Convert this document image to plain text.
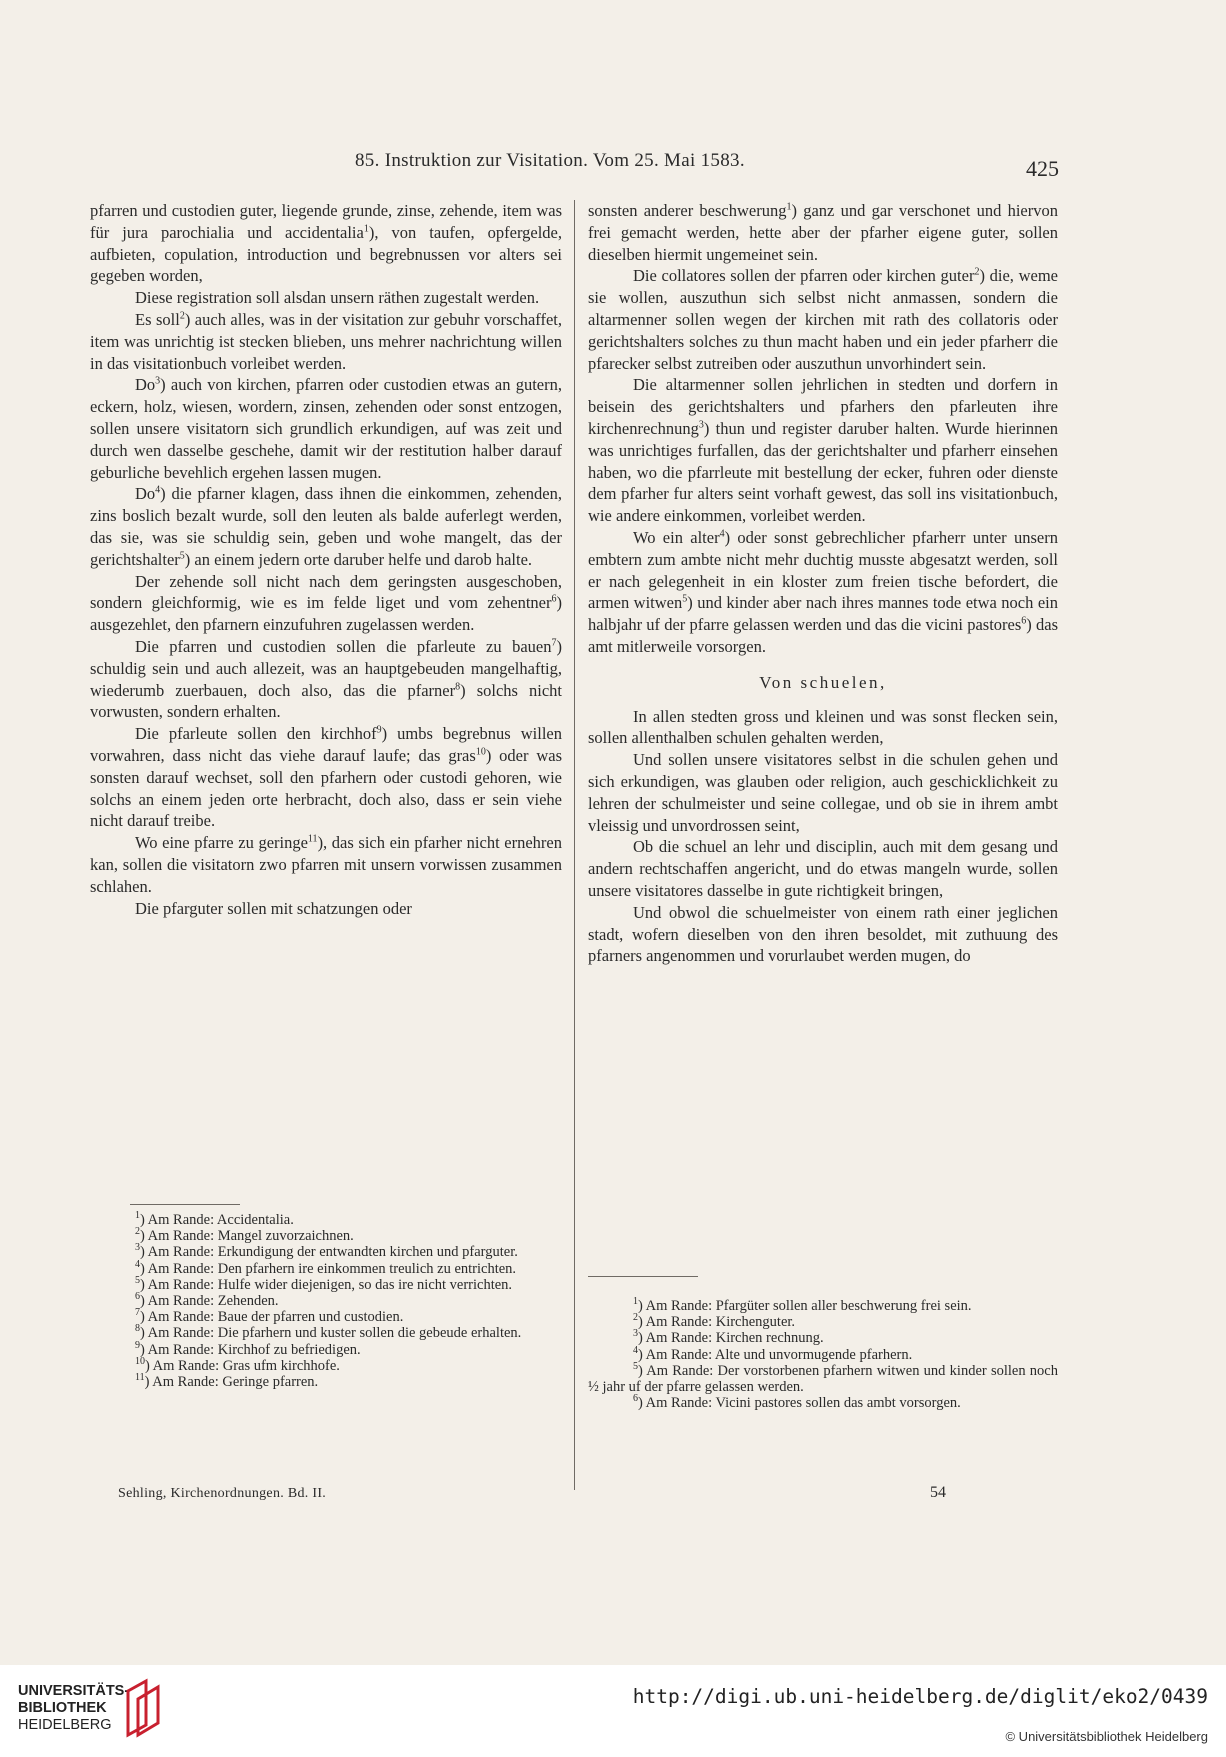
85. Instruktion zur Visitation. Vom 25. Mai 1583.	425

pfarren und custodien guter, liegende grunde, zinse, zehende, item was für jura parochialia und accidentalia$^1$), von taufen, opfergelde, aufbieten, copulation, introduction und begrebnussen vor alters sei gegeben worden,

Diese registration soll alsdan unsern räthen zugestalt werden.

Es soll$^2$) auch alles, was in der visitation zur gebuhr vorschaffet, item was unrichtig ist stecken blieben, uns mehrer nachrichtung willen in das visitationbuch vorleibet werden.

Do$^3$) auch von kirchen, pfarren oder custodien etwas an gutern, eckern, holz, wiesen, wordern, zinsen, zehenden oder sonst entzogen, sollen unsere visitatorn sich grundlich erkundigen, auf was zeit und durch wen dasselbe geschehe, damit wir der restitution halber darauf geburliche bevehlich ergehen lassen mugen.

Do$^4$) die pfarner klagen, dass ihnen die einkommen, zehenden, zins boslich bezalt wurde, soll den leuten als balde auferlegt werden, das sie, was sie schuldig sein, geben und wohe mangelt, das der gerichtshalter$^5$) an einem jedern orte daruber helfe und darob halte.

Der zehende soll nicht nach dem geringsten ausgeschoben, sondern gleichformig, wie es im felde liget und vom zehentner$^6$) ausgezehlet, den pfarnern einzufuhren zugelassen werden.

Die pfarren und custodien sollen die pfarleute zu bauen$^7$) schuldig sein und auch allezeit, was an hauptgebeuden mangelhaftig, wiederumb zuerbauen, doch also, das die pfarner$^8$) solchs nicht vorwusten, sondern erhalten.

Die pfarleute sollen den kirchhof$^9$) umbs begrebnus willen vorwahren, dass nicht das viehe darauf laufe; das gras$^{10}$) oder was sonsten darauf wechset, soll den pfarhern oder custodi gehoren, wie solchs an einem jeden orte herbracht, doch also, dass er sein viehe nicht darauf treibe.

Wo eine pfarre zu geringe$^{11}$), das sich ein pfarher nicht ernehren kan, sollen die visitatorn zwo pfarren mit unsern vorwissen zusammen schlahen.

Die pfarguter sollen mit schatzungen oder

sonsten anderer beschwerung$^1$) ganz und gar verschonet und hiervon frei gemacht werden, hette aber der pfarher eigene guter, sollen dieselben hiermit ungemeinet sein.

Die collatores sollen der pfarren oder kirchen guter$^2$) die, weme sie wollen, auszuthun sich selbst nicht anmassen, sondern die altarmenner sollen wegen der kirchen mit rath des collatoris oder gerichtshalters solches zu thun macht haben und ein jeder pfarherr die pfarecker selbst zutreiben oder auszuthun unvorhindert sein.

Die altarmenner sollen jehrlichen in stedten und dorfern in beisein des gerichtshalters und pfarhers den pfarleuten ihre kirchenrechnung$^3$) thun und register daruber halten. Wurde hierinnen was unrichtiges furfallen, das der gerichtshalter und pfarherr einsehen haben, wo die pfarrleute mit bestellung der ecker, fuhren oder dienste dem pfarher fur alters seint vorhaft gewest, das soll ins visitationbuch, wie andere einkommen, vorleibet werden.

Wo ein alter$^4$) oder sonst gebrechlicher pfarherr unter unsern embtern zum ambte nicht mehr duchtig musste abgesatzt werden, soll er nach gelegenheit in ein kloster zum freien tische befordert, die armen witwen$^5$) und kinder aber nach ihres mannes tode etwa noch ein halbjahr uf der pfarre gelassen werden und das die vicini pastores$^6$) das amt mitlerweile vorsorgen.

Von schuelen,

In allen stedten gross und kleinen und was sonst flecken sein, sollen allenthalben schulen gehalten werden,

Und sollen unsere visitatores selbst in die schulen gehen und sich erkundigen, was glauben oder religion, auch geschicklichkeit zu lehren der schulmeister und seine collegae, und ob sie in ihrem ambt vleissig und unvordrossen seint,

Ob die schuel an lehr und disciplin, auch mit dem gesang und andern rechtschaffen angericht, und do etwas mangeln wurde, sollen unsere visitatores dasselbe in gute richtigkeit bringen,

Und obwol die schuelmeister von einem rath einer jeglichen stadt, wofern dieselben von den ihren besoldet, mit zuthuung des pfarners angenommen und vorurlaubet werden mugen, do

$^1$) Am Rande: Accidentalia.

$^2$) Am Rande: Mangel zuvorzaichnen.

$^3$) Am Rande: Erkundigung der entwandten kirchen und pfarguter.

$^4$) Am Rande: Den pfarhern ire einkommen treulich zu entrichten.

$^5$) Am Rande: Hulfe wider diejenigen, so das ire nicht verrichten.

$^6$) Am Rande: Zehenden.

$^7$) Am Rande: Baue der pfarren und custodien.

$^8$) Am Rande: Die pfarhern und kuster sollen die gebeude erhalten.

$^9$) Am Rande: Kirchhof zu befriedigen.

$^{10}$) Am Rande: Gras ufm kirchhofe.

$^{11}$) Am Rande: Geringe pfarren.

$^1$) Am Rande: Pfargüter sollen aller beschwerung frei sein.

$^2$) Am Rande: Kirchenguter.

$^3$) Am Rande: Kirchen rechnung.

$^4$) Am Rande: Alte und unvormugende pfarhern.

$^5$) Am Rande: Der vorstorbenen pfarhern witwen und kinder sollen noch ½ jahr uf der pfarre gelassen werden.

$^6$) Am Rande: Vicini pastores sollen das ambt vorsorgen.

Sehling, Kirchenordnungen. Bd. II.	54
UNIVERSITÄTS-
BIBLIOTHEK
HEIDELBERG
http://digi.ub.uni-heidelberg.de/diglit/eko2/0439
© Universitätsbibliothek Heidelberg
